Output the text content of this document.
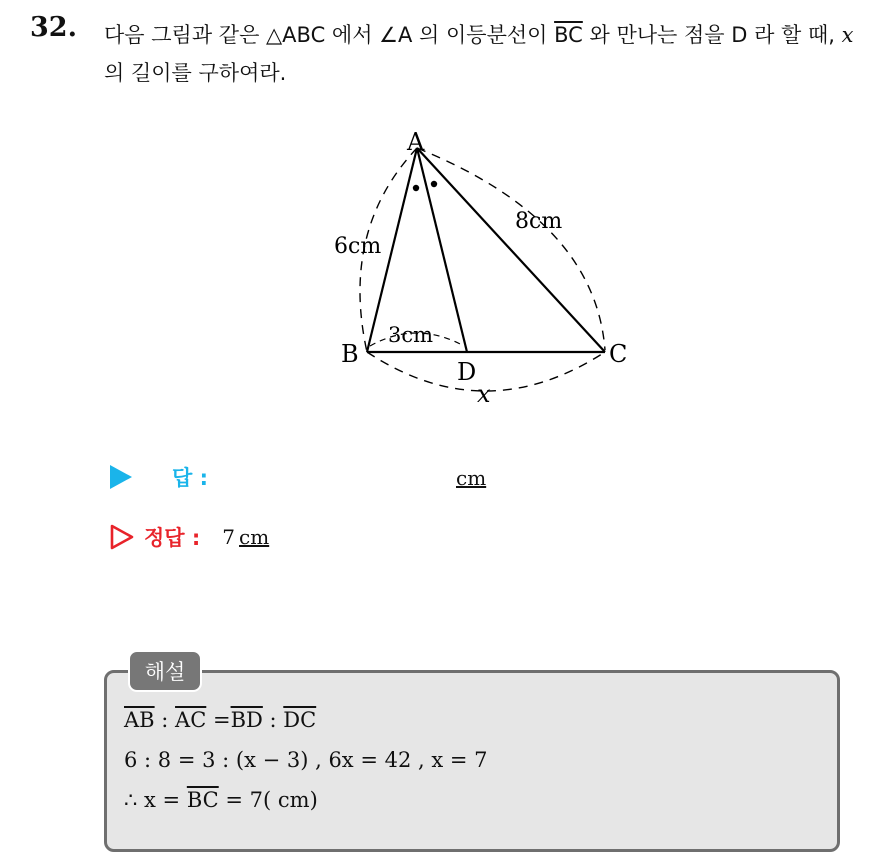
32. 다음 그림과 같은 △ABC 에서 ∠A 의 이등분선이 $\overline{BC}$ 와 만나는 점을 D 라 할 때, x 의 길이를 구하여라.
A
B	C
D
6cm
8cm
3cm
x
답 :	cm
정답 : 7 cm
해설
$\overline{AB}$ : $\overline{AC} =\overline{BD}$ : $\overline{DC}$
6 : 8 = 3 : (x − 3) , 6x = 42 , x = 7
∴ $x = \overline{BC} = 7$( cm)
